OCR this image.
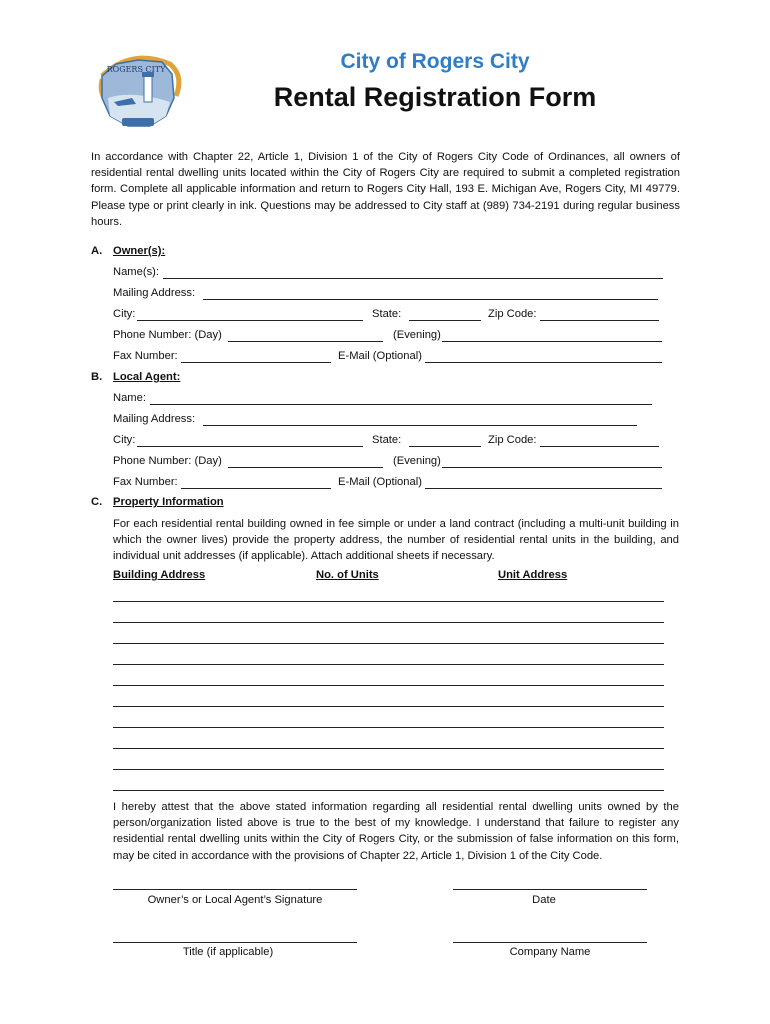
ROGERS CITY	City of Rogers City
Rental Registration Form
In accordance with Chapter 22, Article 1, Division 1 of the City of Rogers City Code of Ordinances, all owners of residential rental dwelling units located within the City of Rogers City are required to submit a completed registration form. Complete all applicable information and return to Rogers City Hall, 193 E. Michigan Ave, Rogers City, MI 49779. Please type or print clearly in ink. Questions may be addressed to City staff at (989) 734-2191 during regular business hours.
A. Owner(s):
Name(s):
Mailing Address:
City:	State:	Zip Code:
Phone Number: (Day)	(Evening)
Fax Number:	E-Mail (Optional)
B. Local Agent:
Name:
Mailing Address:
City:	State:	Zip Code:
Phone Number: (Day)	(Evening)
Fax Number:	E-Mail (Optional)
C. Property Information
For each residential rental building owned in fee simple or under a land contract (including a multi-unit building in which the owner lives) provide the property address, the number of residential rental units in the building, and individual unit addresses (if applicable). Attach additional sheets if necessary.
Building Address	No. of Units	Unit Address
I hereby attest that the above stated information regarding all residential rental dwelling units owned by the person/organization listed above is true to the best of my knowledge. I understand that failure to register any residential rental dwelling units within the City of Rogers City, or the submission of false information on this form, may be cited in accordance with the provisions of Chapter 22, Article 1, Division 1 of the City Code.
Owner’s or Local Agent’s Signature	Date
Title (if applicable)	Company Name
